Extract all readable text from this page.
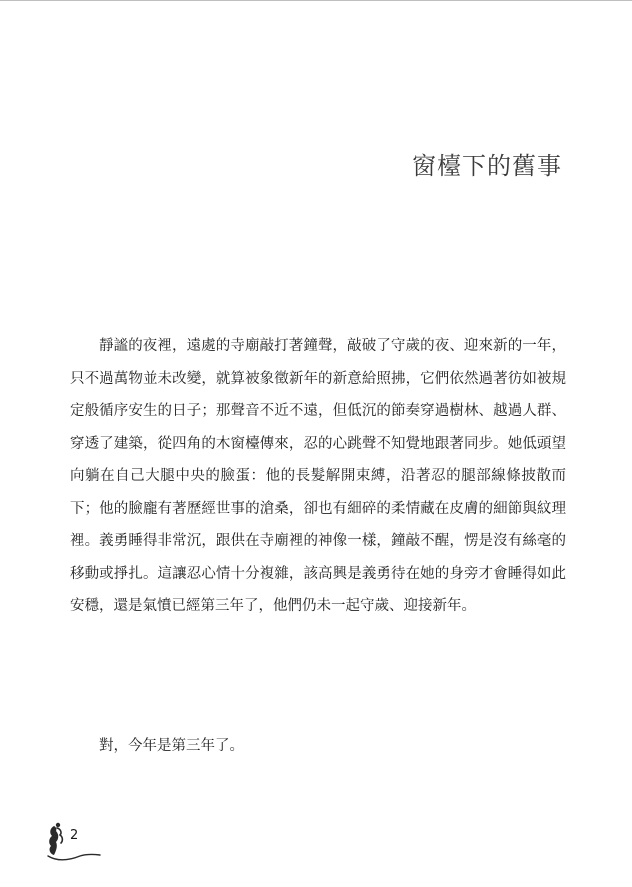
窗檯下的舊事

靜謐的夜裡，遠處的寺廟敲打著鐘聲，敲破了守歲的夜、迎來新的一年，只不過萬物並未改變，就算被象徵新年的新意給照拂，它們依然過著彷如被規定般循序安生的日子；那聲音不近不遠，但低沉的節奏穿過樹林、越過人群、穿透了建築，從四角的木窗檯傳來，忍的心跳聲不知覺地跟著同步。她低頭望向躺在自己大腿中央的臉蛋：他的長髮解開束縛，沿著忍的腿部線條披散而下；他的臉龐有著歷經世事的滄桑，卻也有細碎的柔情藏在皮膚的細節與紋理裡。義勇睡得非常沉，跟供在寺廟裡的神像一樣，鐘敲不醒，愣是沒有絲毫的移動或掙扎。這讓忍心情十分複雜，該高興是義勇待在她的身旁才會睡得如此安穩，還是氣憤已經第三年了，他們仍未一起守歲、迎接新年。

對，今年是第三年了。

2
